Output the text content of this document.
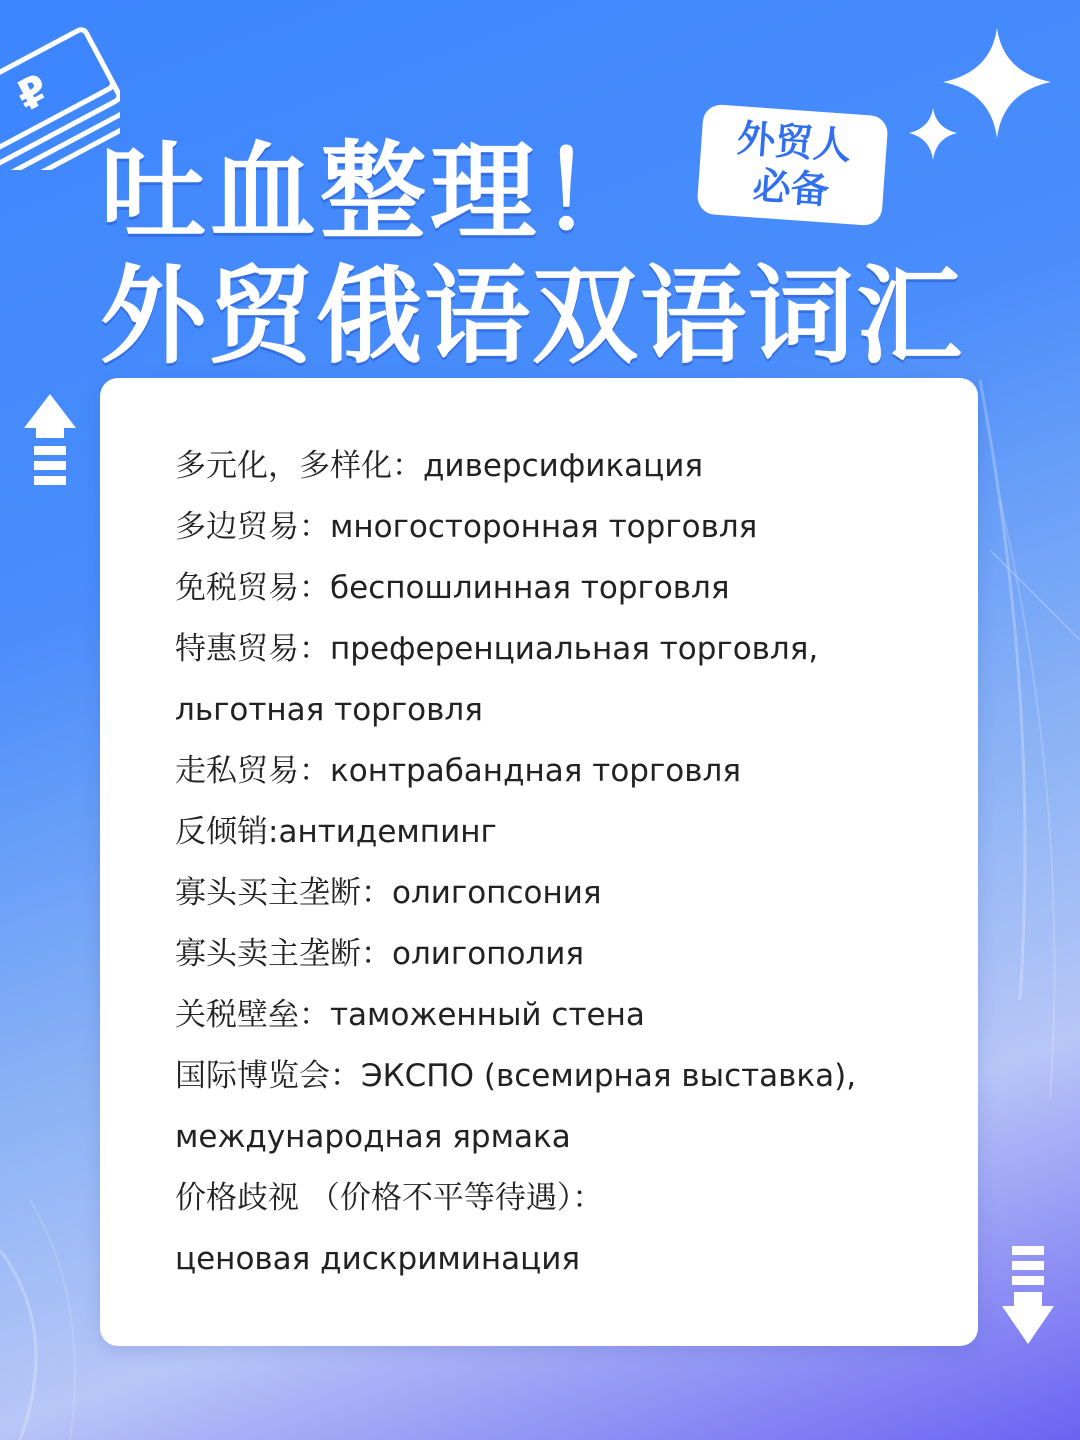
₽
吐血整理！
外贸俄语双语词汇
外贸人
必备
多元化，多样化：диверсификация
多边贸易：многосторонная торговля
免税贸易：беспошлинная торговля
特惠贸易：преференциальная торговля,
льготная торговля
走私贸易：контрабандная торговля
反倾销:антидемпинг
寡头买主垄断：олигопсония
寡头卖主垄断：олигополия
关税壁垒：таможенный стена
国际博览会：ЭКСПО (всемирная выставка),
международная ярмака
价格歧视 （价格不平等待遇）：
ценовая дискриминация
